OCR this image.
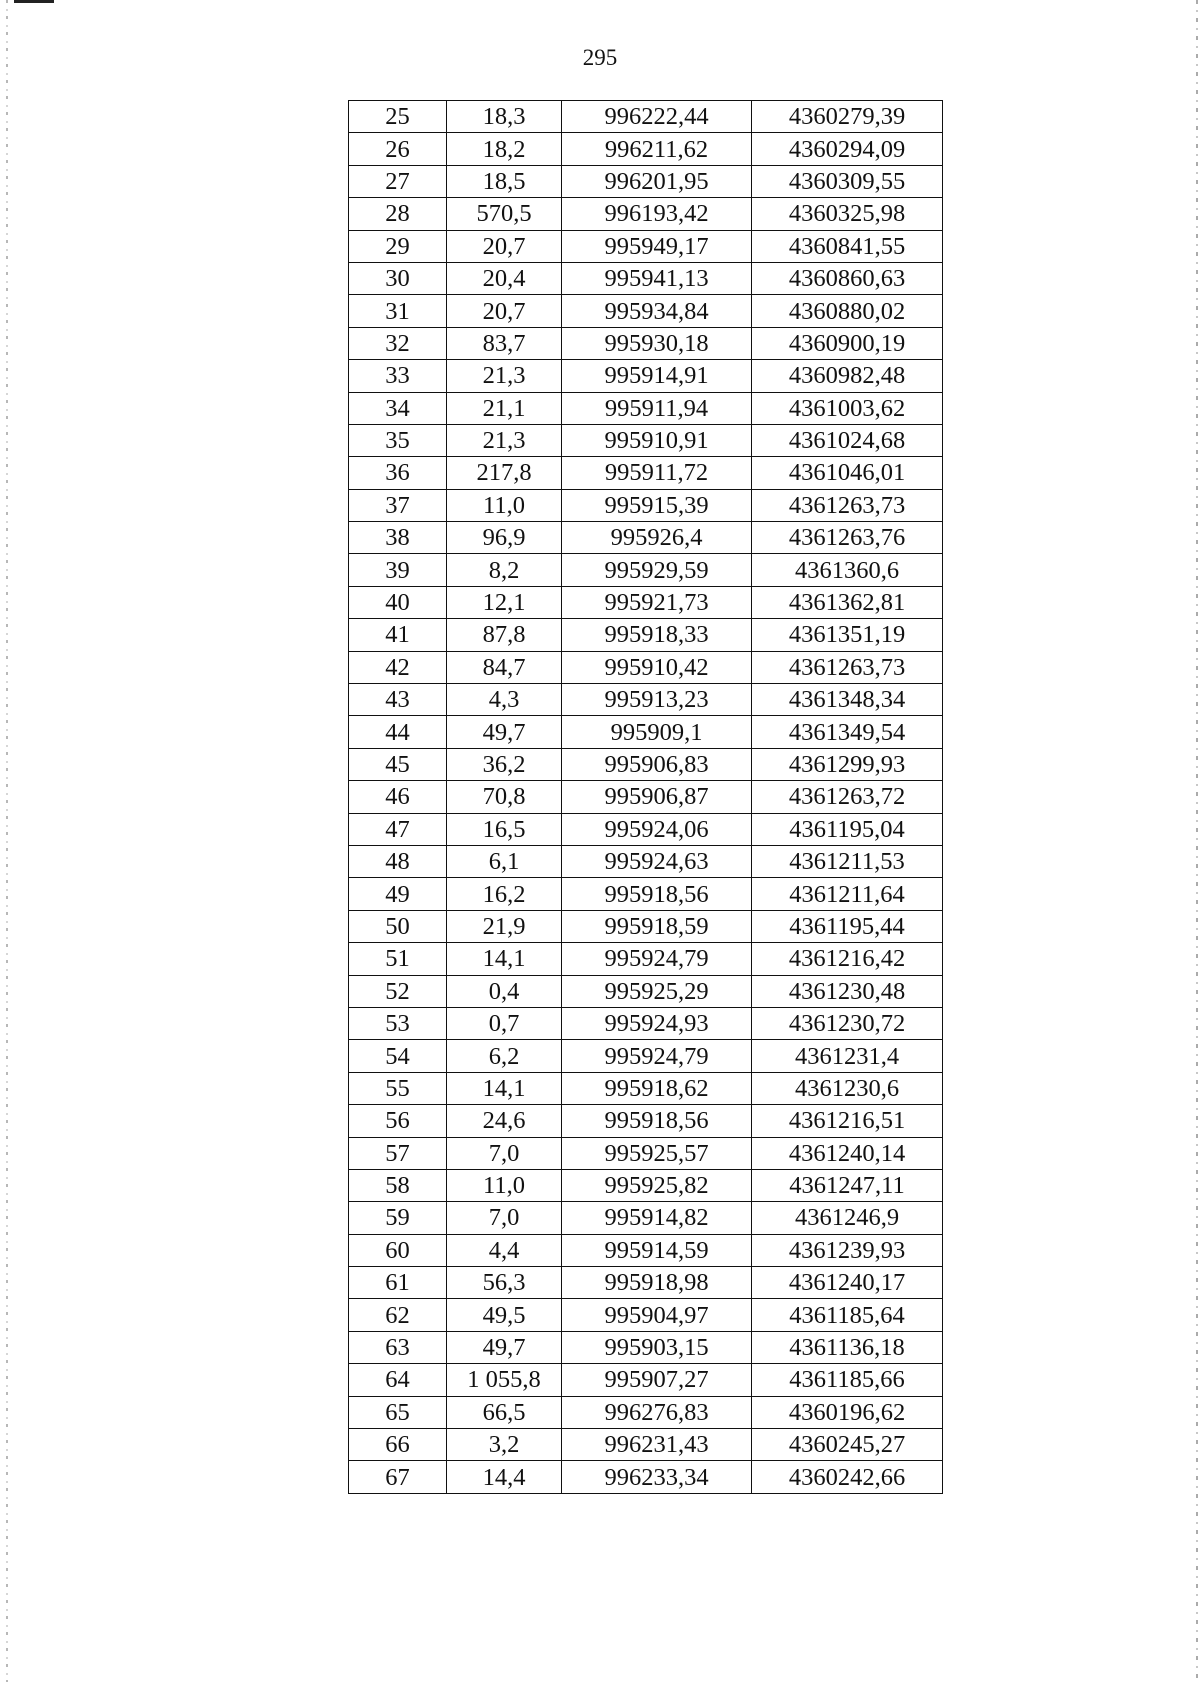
295
25	18,3	996222,44	4360279,39
26	18,2	996211,62	4360294,09
27	18,5	996201,95	4360309,55
28	570,5	996193,42	4360325,98
29	20,7	995949,17	4360841,55
30	20,4	995941,13	4360860,63
31	20,7	995934,84	4360880,02
32	83,7	995930,18	4360900,19
33	21,3	995914,91	4360982,48
34	21,1	995911,94	4361003,62
35	21,3	995910,91	4361024,68
36	217,8	995911,72	4361046,01
37	11,0	995915,39	4361263,73
38	96,9	995926,4	4361263,76
39	8,2	995929,59	4361360,6
40	12,1	995921,73	4361362,81
41	87,8	995918,33	4361351,19
42	84,7	995910,42	4361263,73
43	4,3	995913,23	4361348,34
44	49,7	995909,1	4361349,54
45	36,2	995906,83	4361299,93
46	70,8	995906,87	4361263,72
47	16,5	995924,06	4361195,04
48	6,1	995924,63	4361211,53
49	16,2	995918,56	4361211,64
50	21,9	995918,59	4361195,44
51	14,1	995924,79	4361216,42
52	0,4	995925,29	4361230,48
53	0,7	995924,93	4361230,72
54	6,2	995924,79	4361231,4
55	14,1	995918,62	4361230,6
56	24,6	995918,56	4361216,51
57	7,0	995925,57	4361240,14
58	11,0	995925,82	4361247,11
59	7,0	995914,82	4361246,9
60	4,4	995914,59	4361239,93
61	56,3	995918,98	4361240,17
62	49,5	995904,97	4361185,64
63	49,7	995903,15	4361136,18
64	1 055,8	995907,27	4361185,66
65	66,5	996276,83	4360196,62
66	3,2	996231,43	4360245,27
67	14,4	996233,34	4360242,66
